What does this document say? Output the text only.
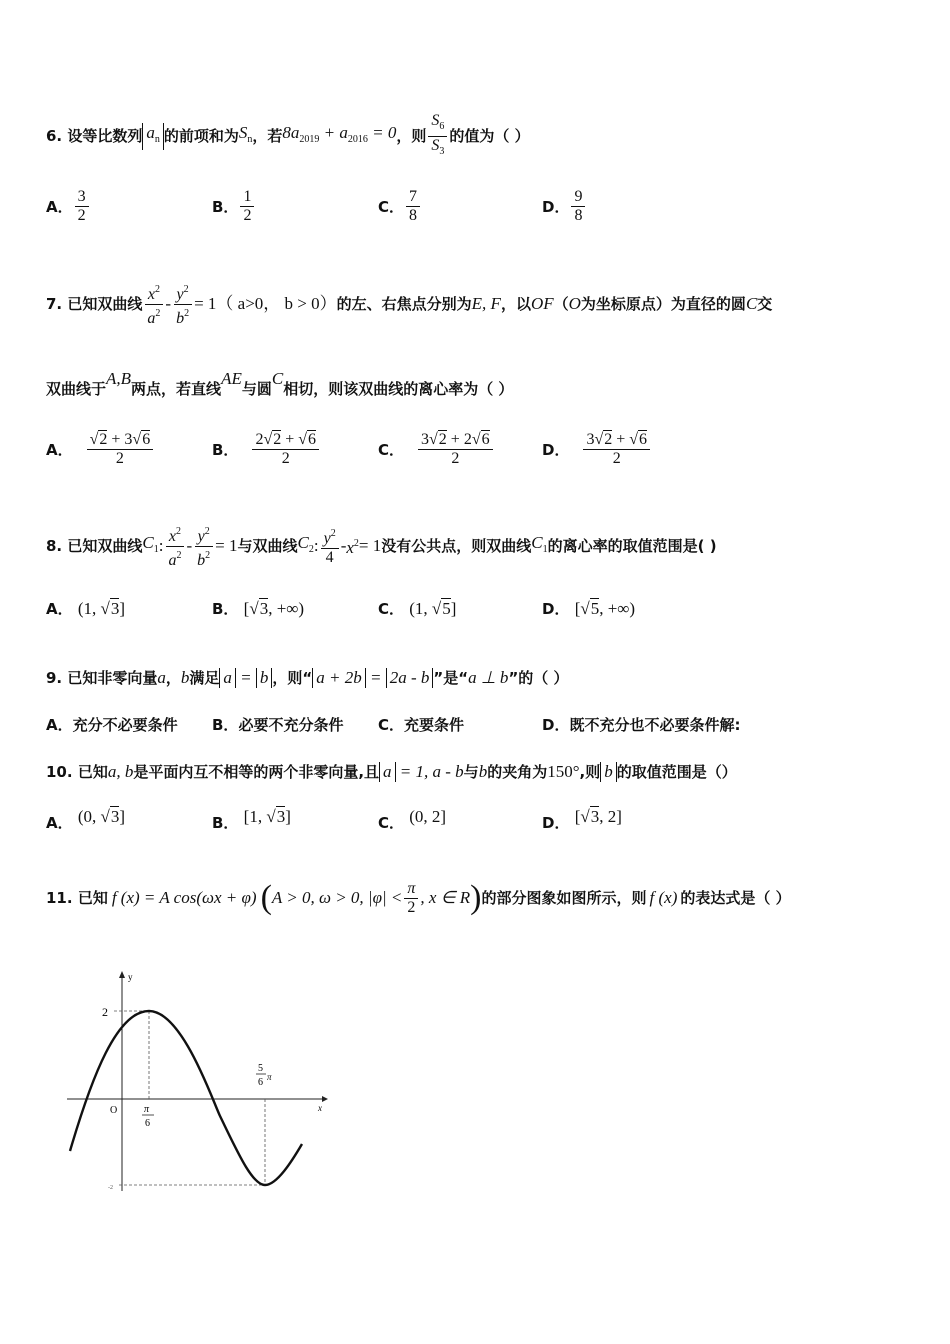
6.
设等比数列 $a_n$ 的前项和为 $S_n$ ，若 $8a_{2019} + a_{2016} = 0$ ，则 $\frac{S_6}{S_3}$ 的值为（ ）
A． $\frac{3}{2}$	B． $\frac{1}{2}$	C． $\frac{7}{8}$	D． $\frac{9}{8}$
7.
已知双曲线 $\frac{x^2}{a^2} - \frac{y^2}{b^2} = 1$ （ a>0， b > 0） 的左、右焦点分别为 E, F ，以 OF （ O 为坐标原点）为直径的圆 C 交
双曲线于
A,B
两点，若直线
AE
与圆
C
相切，则该双曲线的离心率为（ ）
A． $\frac{√2 + 3√6}{2}$	B． $\frac{2√2 + √6}{2}$	C． $\frac{3√2 + 2√6}{2}$	D． $\frac{3√2 + √6}{2}$
8.
已知双曲线 $C_1$ : $\frac{x^2}{a^2} - \frac{y^2}{b^2} = 1$ 与双曲线 $C_2$ : $\frac{y^2}{4} - x^2 = 1$ 没有公共点，则双曲线 $C_1$ 的离心率的取值范围是( )
A．
(1, √3]	B．
[√3, +∞)	C．
(1, √5]	D．
[√5, +∞)
9.
已知非零向量 a ， b 满足 a = b ，则“ a + 2b = 2a - b ”是“ a ⊥ b ”的（ ）
A．充分不必要条件 B．必要不充分条件 C．充要条件	D．既不充分也不必要条件解:
10.
已知 a, b 是平面内互不相等的两个非零向量,且 a = 1, a - b 与 b 的夹角为 150° ,则 b 的取值范围是（）
A．
(0, √3]	B．
[1, √3]	C．
(0, 2]	D．
[√3, 2]
11.
已知 f (x) = A cos(ωx + φ) ( A > 0, ω > 0, $|\varphi| < \frac{\pi}{2}$ , x ∈ R ) 的部分图象如图所示，则 f (x) 的表达式是（ ）
y
x
O
2
π
6
-2
5
6 π
